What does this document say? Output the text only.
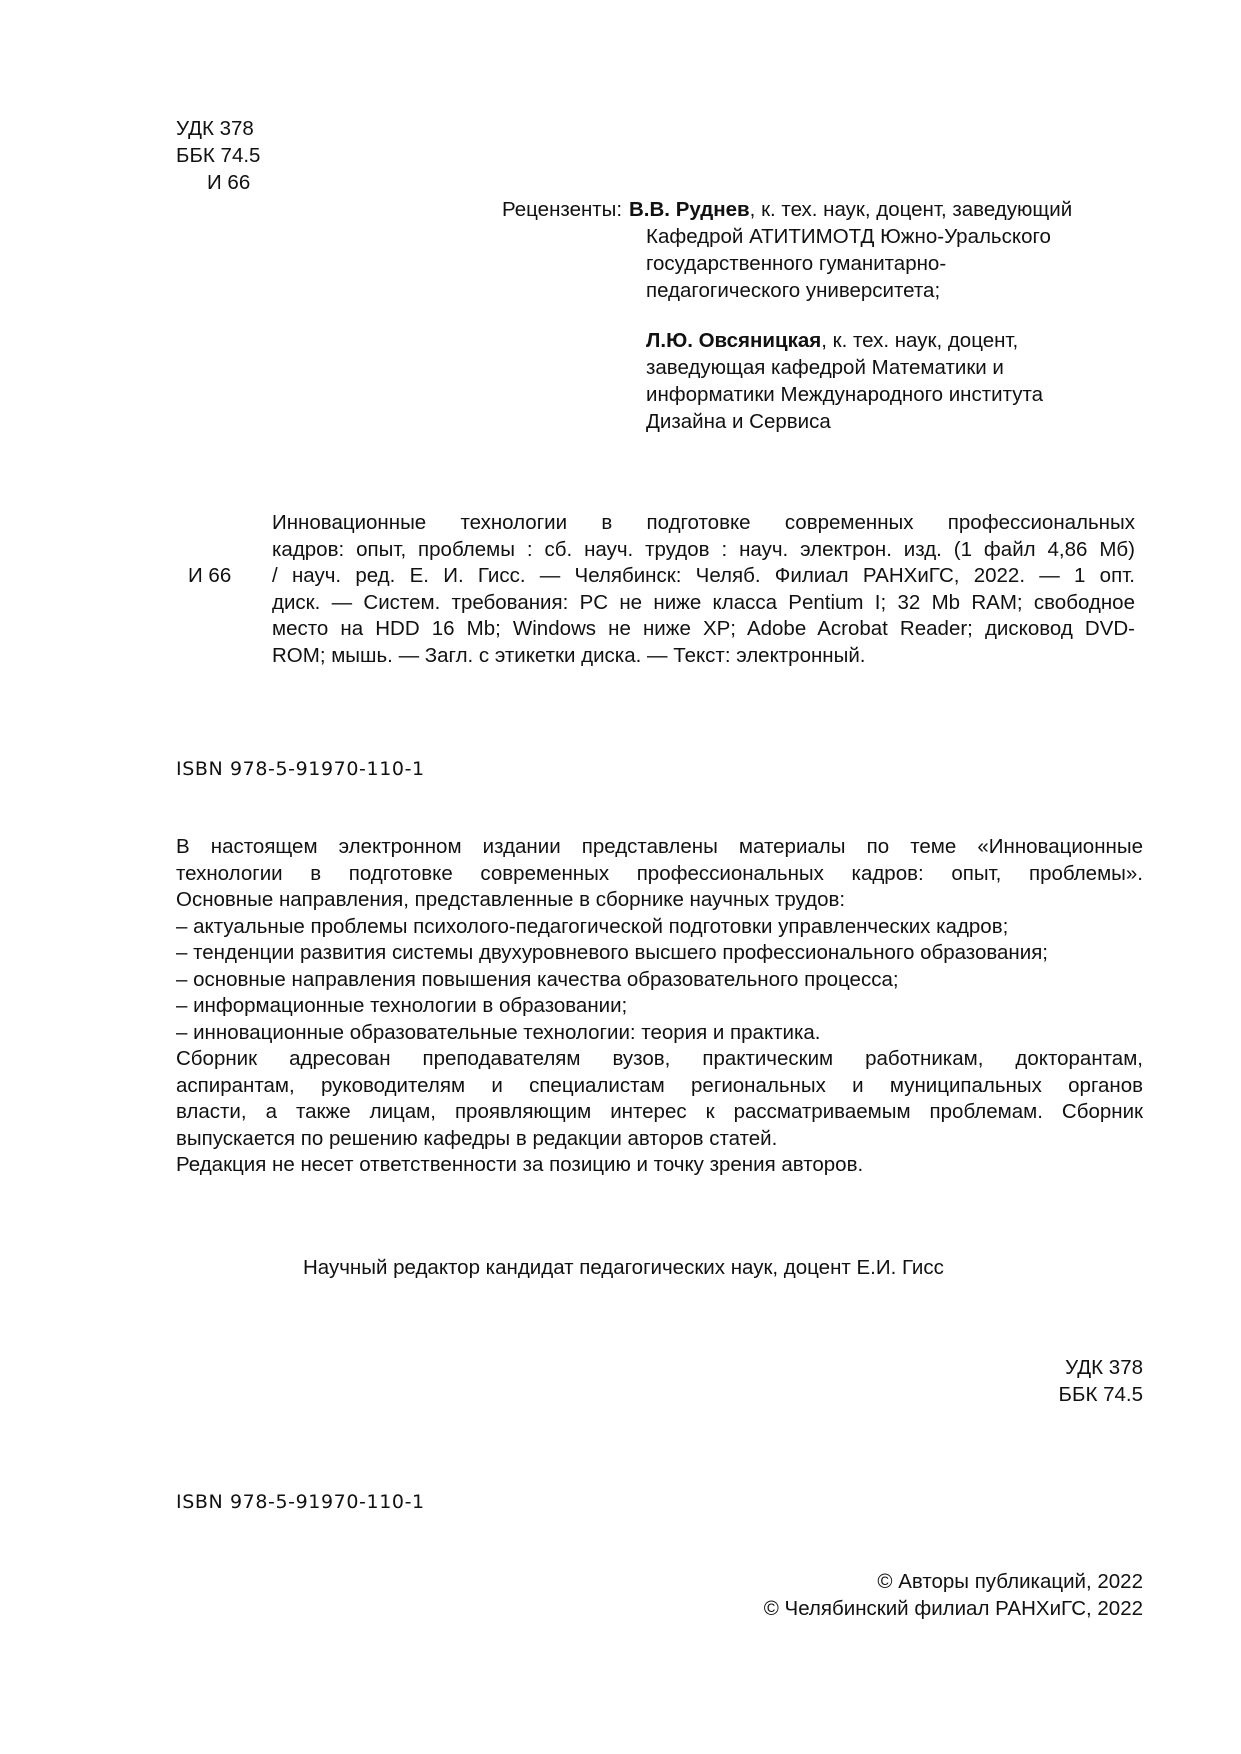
УДК 378
ББК 74.5
И 66
Рецензенты: В.В. Руднев, к. тех. наук, доцент, заведующий
Кафедрой АТИТИМОТД Южно-Уральского
государственного гуманитарно-
педагогического университета;
Л.Ю. Овсяницкая, к. тех. наук, доцент,
заведующая кафедрой Математики и
информатики Международного института
Дизайна и Сервиса
И 66
Инновационные технологии в подготовке современных профессиональных
кадров: опыт, проблемы : сб. науч. трудов : науч. электрон. изд. (1 файл 4,86 Мб)
/ науч. ред. Е. И. Гисс. — Челябинск: Челяб. Филиал РАНХиГС, 2022. — 1 опт.
диск. — Систем. требования: PC не ниже класса Pentium I; 32 Mb RAM; свободное
место на HDD 16 Mb; Windows не ниже XP; Adobe Acrobat Reader; дисковод DVD-
ROM; мышь. — Загл. с этикетки диска. — Текст: электронный.
ISBN 978-5-91970-110-1
В настоящем электронном издании представлены материалы по теме «Инновационные
технологии в подготовке современных профессиональных кадров: опыт, проблемы».
Основные направления, представленные в сборнике научных трудов:
– актуальные проблемы психолого-педагогической подготовки управленческих кадров;
– тенденции развития системы двухуровневого высшего профессионального образования;
– основные направления повышения качества образовательного процесса;
– информационные технологии в образовании;
– инновационные образовательные технологии: теория и практика.
Сборник адресован преподавателям вузов, практическим работникам, докторантам,
аспирантам, руководителям и специалистам региональных и муниципальных органов
власти, а также лицам, проявляющим интерес к рассматриваемым проблемам. Сборник
выпускается по решению кафедры в редакции авторов статей.
Редакция не несет ответственности за позицию и точку зрения авторов.
Научный редактор кандидат педагогических наук, доцент Е.И. Гисс
УДК 378
ББК 74.5
ISBN 978-5-91970-110-1
© Авторы публикаций, 2022
© Челябинский филиал РАНХиГС, 2022
